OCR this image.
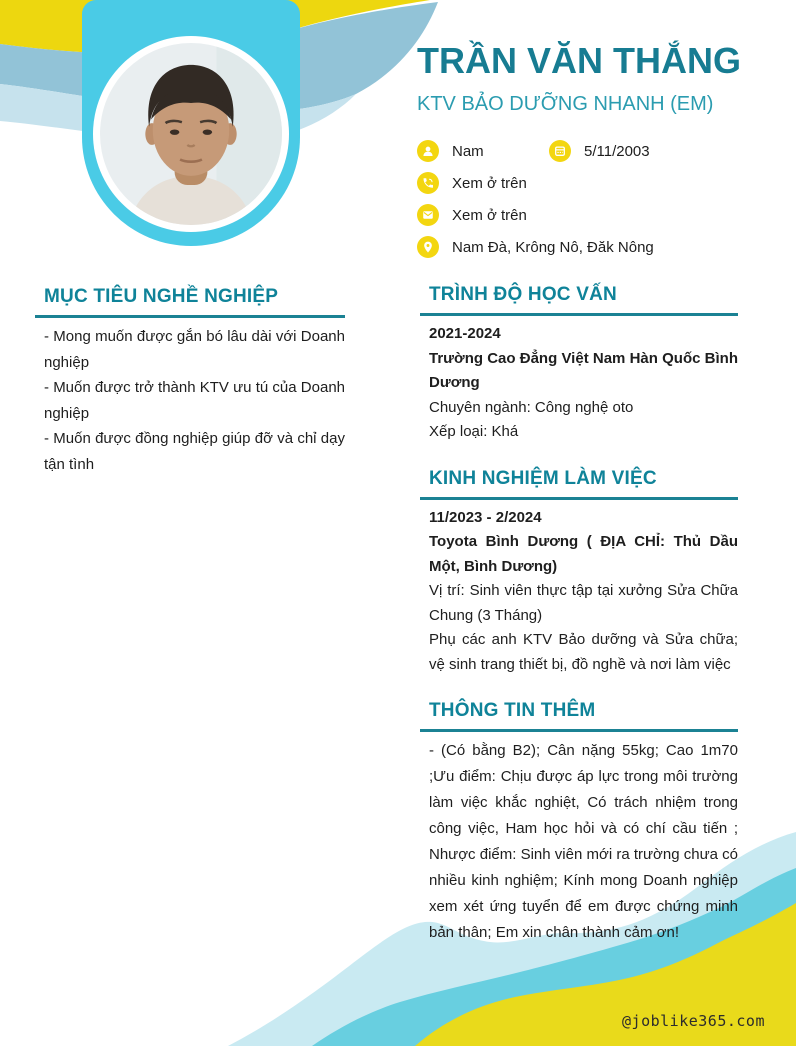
TRẦN VĂN THẮNG
KTV BẢO DƯỠNG NHANH (EM)
Nam	5/11/2003
Xem ở trên
Xem ở trên
Nam Đà, Krông Nô, Đăk Nông
MỤC TIÊU NGHỀ NGHIỆP

- Mong muốn được gắn bó lâu dài với Doanh nghiệp

- Muốn được trở thành KTV ưu tú của Doanh nghiệp

- Muốn được đồng nghiệp giúp đỡ và chỉ dạy tận tình

TRÌNH ĐỘ HỌC VẤN

2021-2024

Trường Cao Đẳng Việt Nam Hàn Quốc Bình Dương

Chuyên ngành: Công nghệ oto

Xếp loại: Khá

KINH NGHIỆM LÀM VIỆC

11/2023 - 2/2024

Toyota Bình Dương ( ĐỊA CHỈ: Thủ Dầu Một, Bình Dương)

Vị trí: Sinh viên thực tập tại xưởng Sửa Chữa Chung (3 Tháng)

Phụ các anh KTV Bảo dưỡng và Sửa chữa; vệ sinh trang thiết bị, đồ nghề và nơi làm việc

THÔNG TIN THÊM

- (Có bằng B2); Cân nặng 55kg; Cao 1m70 ;Ưu điểm: Chịu được áp lực trong môi trường làm việc khắc nghiệt, Có trách nhiệm trong công việc, Ham học hỏi và có chí cầu tiến ; Nhược điểm: Sinh viên mới ra trường chưa có nhiều kinh nghiệm; Kính mong Doanh nghiệp xem xét ứng tuyển để em được chứng minh bản thân; Em xin chân thành cảm ơn!

@joblike365.com
